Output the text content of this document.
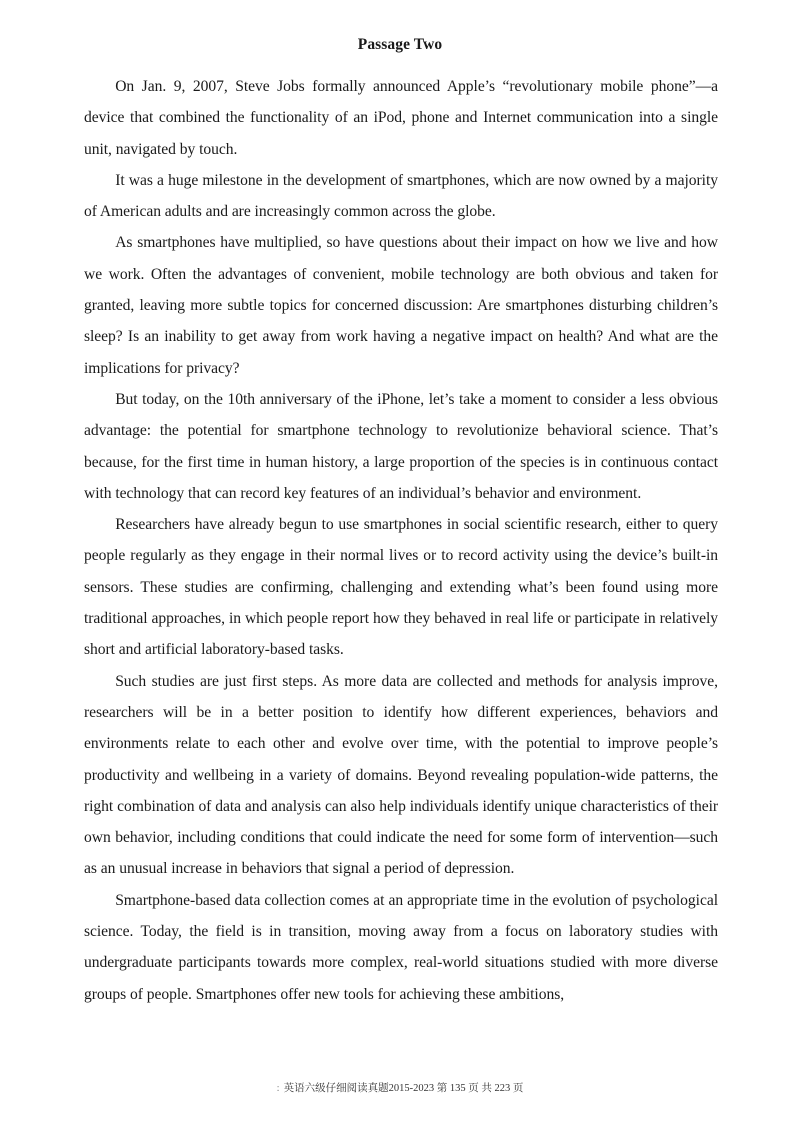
Passage Two

On Jan. 9, 2007, Steve Jobs formally announced Apple’s “revolutionary mobile phone”—a device that combined the functionality of an iPod, phone and Internet communication into a single unit, navigated by touch.

It was a huge milestone in the development of smartphones, which are now owned by a majority of American adults and are increasingly common across the globe.

As smartphones have multiplied, so have questions about their impact on how we live and how we work. Often the advantages of convenient, mobile technology are both obvious and taken for granted, leaving more subtle topics for concerned discussion: Are smartphones disturbing children’s sleep? Is an inability to get away from work having a negative impact on health? And what are the implications for privacy?

But today, on the 10th anniversary of the iPhone, let’s take a moment to consider a less obvious advantage: the potential for smartphone technology to revolutionize behavioral science. That’s because, for the first time in human history, a large proportion of the species is in continuous contact with technology that can record key features of an individual’s behavior and environment.

Researchers have already begun to use smartphones in social scientific research, either to query people regularly as they engage in their normal lives or to record activity using the device’s built-in sensors. These studies are confirming, challenging and extending what’s been found using more traditional approaches, in which people report how they behaved in real life or participate in relatively short and artificial laboratory-based tasks.

Such studies are just first steps. As more data are collected and methods for analysis improve, researchers will be in a better position to identify how different experiences, behaviors and environments relate to each other and evolve over time, with the potential to improve people’s productivity and wellbeing in a variety of domains. Beyond revealing population-wide patterns, the right combination of data and analysis can also help individuals identify unique characteristics of their own behavior, including conditions that could indicate the need for some form of intervention—such as an unusual increase in behaviors that signal a period of depression.

Smartphone-based data collection comes at an appropriate time in the evolution of psychological science. Today, the field is in transition, moving away from a focus on laboratory studies with undergraduate participants towards more complex, real-world situations studied with more diverse groups of people. Smartphones offer new tools for achieving these ambitions,

: 英语六级仔细阅读真题2015-2023 第 135 页 共 223 页
